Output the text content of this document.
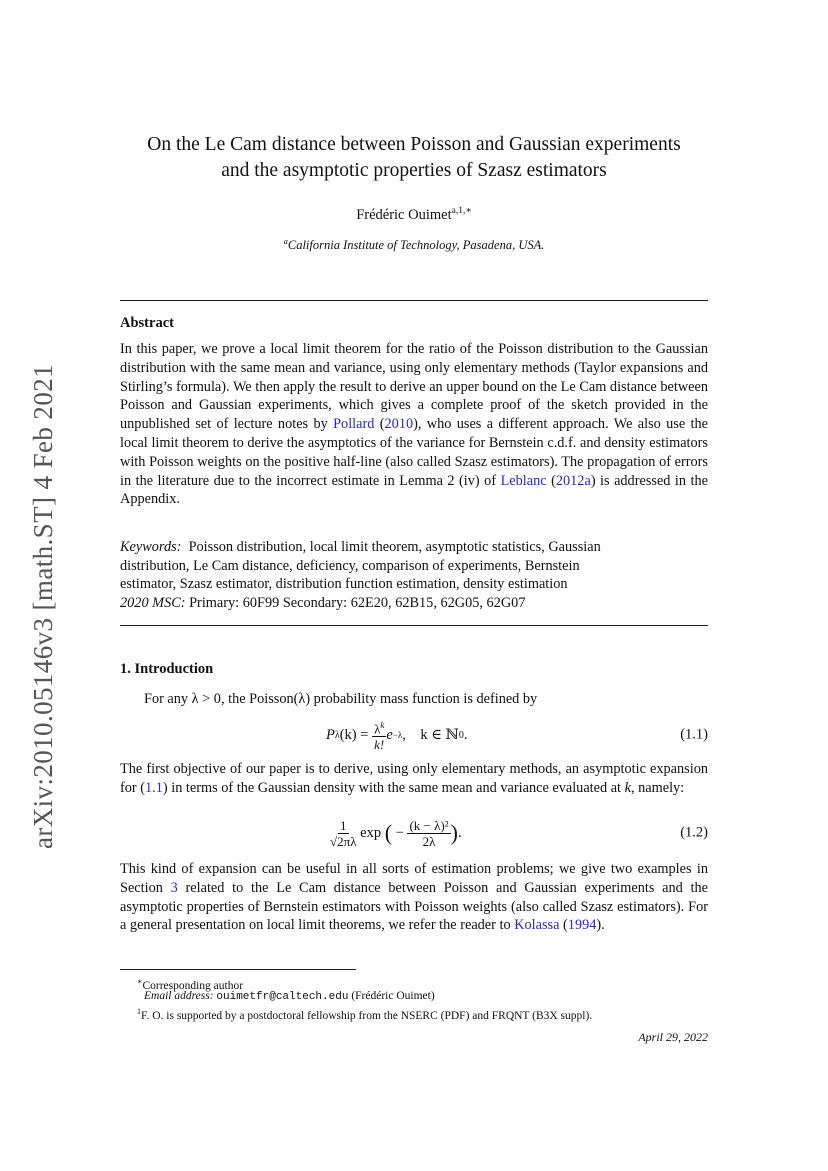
arXiv:2010.05146v3 [math.ST] 4 Feb 2021
On the Le Cam distance between Poisson and Gaussian experiments
and the asymptotic properties of Szasz estimators
Frédéric Ouimet$^{a,1,∗}$
$^a$California Institute of Technology, Pasadena, USA.
Abstract

In this paper, we prove a local limit theorem for the ratio of the Poisson distribution to the Gaussian distribution with the same mean and variance, using only elementary methods (Taylor expansions and Stirling’s formula). We then apply the result to derive an upper bound on the Le Cam distance between Poisson and Gaussian experiments, which gives a complete proof of the sketch provided in the unpublished set of lecture notes by Pollard (2010), who uses a different approach. We also use the local limit theorem to derive the asymptotics of the variance for Bernstein c.d.f. and density estimators with Poisson weights on the positive half-line (also called Szasz estimators). The propagation of errors in the literature due to the incorrect estimate in Lemma 2 (iv) of Leblanc (2012a) is addressed in the Appendix.

Keywords: Poisson distribution, local limit theorem, asymptotic statistics, Gaussian
distribution, Le Cam distance, deficiency, comparison of experiments, Bernstein
estimator, Szasz estimator, distribution function estimation, density estimation
2020 MSC: Primary: 60F99 Secondary: 62E20, 62B15, 62G05, 62G07
1. Introduction
For any λ > 0, the Poisson(λ) probability mass function is defined by
P λ (k) =
$\frac{\lambda^k}{k!}$ e −λ ,    k ∈ ℕ 0 .	(1.1)

The first objective of our paper is to derive, using only elementary methods, an asymptotic expansion for (1.1) in terms of the Gaussian density with the same mean and variance evaluated at k, namely:

$\frac{1}{√2\pi\lambda}$
exp
(
−
$\frac{\text{(k − λ)²}}{2\lambda}$ ) .	(1.2)

This kind of expansion can be useful in all sorts of estimation problems; we give two examples in Section 3 related to the Le Cam distance between Poisson and Gaussian experiments and the asymptotic properties of Bernstein estimators with Poisson weights (also called Szasz estimators). For a general presentation on local limit theorems, we refer the reader to Kolassa (1994).

∗Corresponding author
Email address: ouimetfr@caltech.edu (Frédéric Ouimet)
$^1$F. O. is supported by a postdoctoral fellowship from the NSERC (PDF) and FRQNT (B3X suppl).
April 29, 2022
